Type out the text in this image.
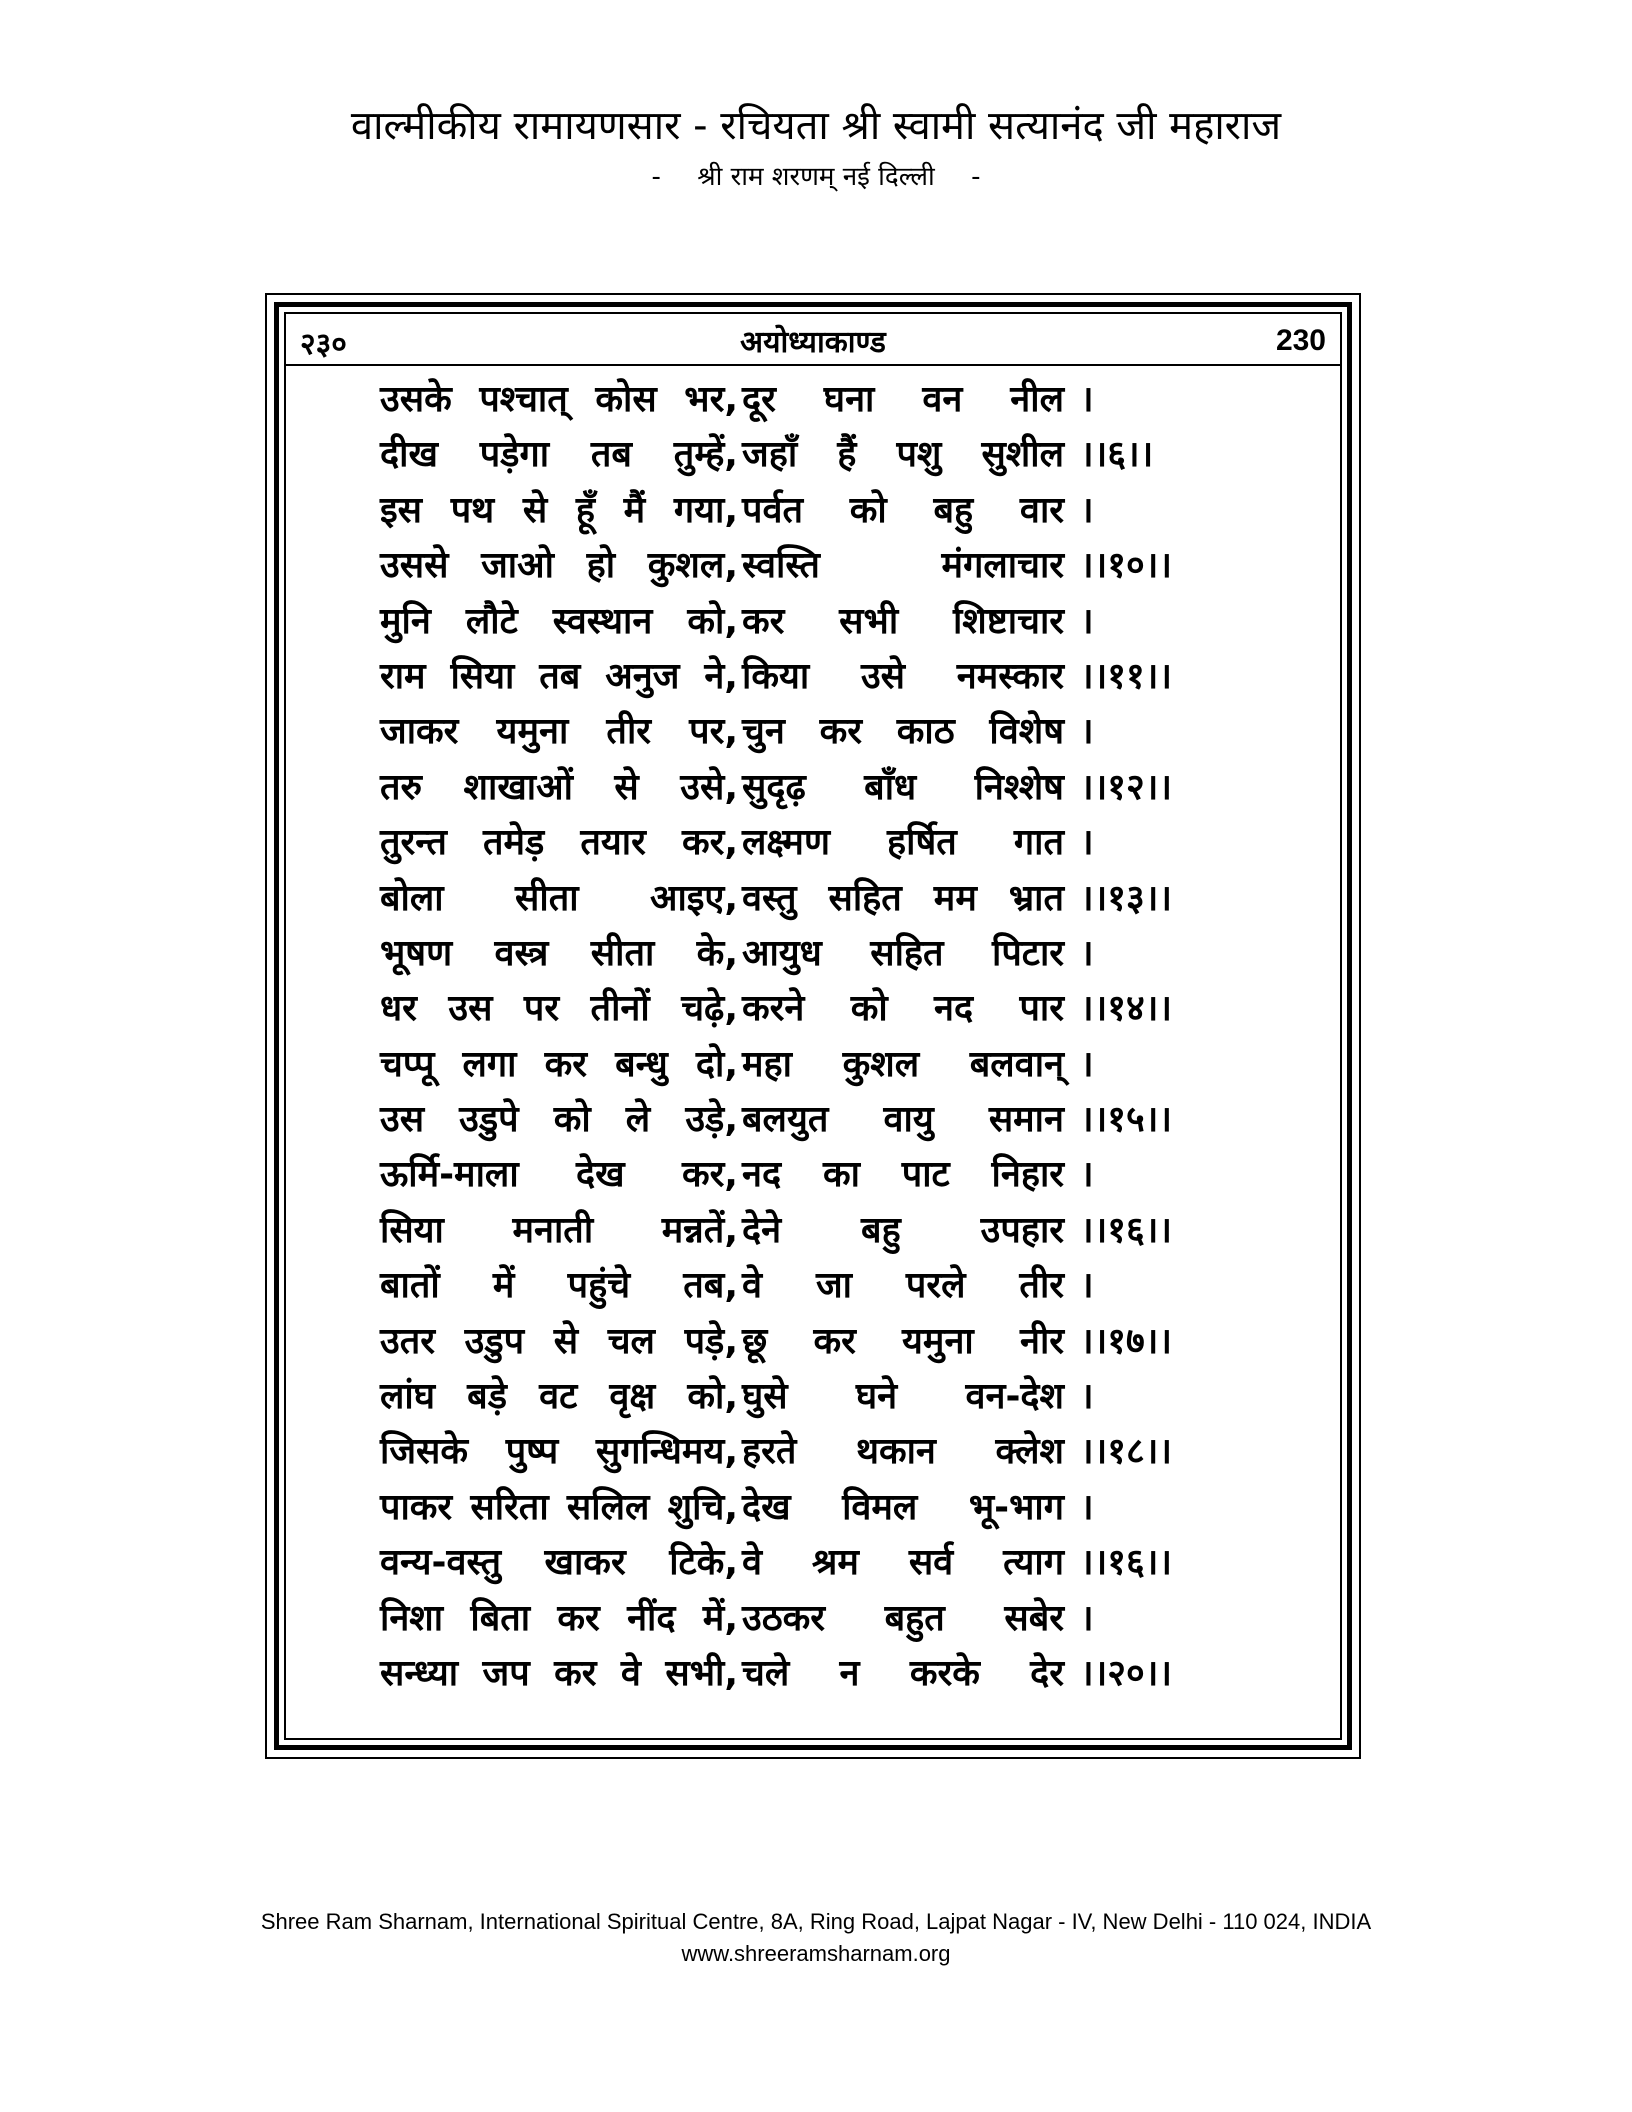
वाल्मीकीय रामायणसार - रचियता श्री स्वामी सत्यानंद जी महाराज
- श्री राम शरणम् नई दिल्ली -
२३०	अयोध्याकाण्ड	230
उसके पश्चात् कोस भर, दूर घना वन नील ।
दीख पड़ेगा तब तुम्हें, जहाँ हैं पशु सुशील ।।६।।
इस पथ से हूँ मैं गया, पर्वत को बहु वार ।
उससे जाओ हो कुशल, स्वस्ति मंगलाचार ।।१०।।
मुनि लौटे स्वस्थान को, कर सभी शिष्टाचार ।
राम सिया तब अनुज ने, किया उसे नमस्कार ।।११।।
जाकर यमुना तीर पर, चुन कर काठ विशेष ।
तरु शाखाओं से उसे, सुदृढ़ बाँध निश्शेष ।।१२।।
तुरन्त तमेड़ तयार कर, लक्ष्मण हर्षित गात ।
बोला सीता आइए, वस्तु सहित मम भ्रात ।।१३।।
भूषण वस्त्र सीता के, आयुध सहित पिटार ।
धर उस पर तीनों चढ़े, करने को नद पार ।।१४।।
चप्पू लगा कर बन्धु दो, महा कुशल बलवान् ।
उस उडुपे को ले उड़े, बलयुत वायु समान ।।१५।।
ऊर्मि-माला देख कर, नद का पाट निहार ।
सिया मनाती मन्नतें, देने बहु उपहार ।।१६।।
बातों में पहुंचे तब, वे जा परले तीर ।
उतर उडुप से चल पड़े, छू कर यमुना नीर ।।१७।।
लांघ बड़े वट वृक्ष को, घुसे घने वन-देश ।
जिसके पुष्प सुगन्धिमय, हरते थकान क्लेश ।।१८।।
पाकर सरिता सलिल शुचि, देख विमल भू-भाग ।
वन्य-वस्तु खाकर टिके, वे श्रम सर्व त्याग ।।१६।।
निशा बिता कर नींद में, उठकर बहुत सबेर ।
सन्ध्या जप कर वे सभी, चले न करके देर ।।२०।।
Shree Ram Sharnam, International Spiritual Centre, 8A, Ring Road, Lajpat Nagar - IV, New Delhi - 110 024, INDIA
www.shreeramsharnam.org
